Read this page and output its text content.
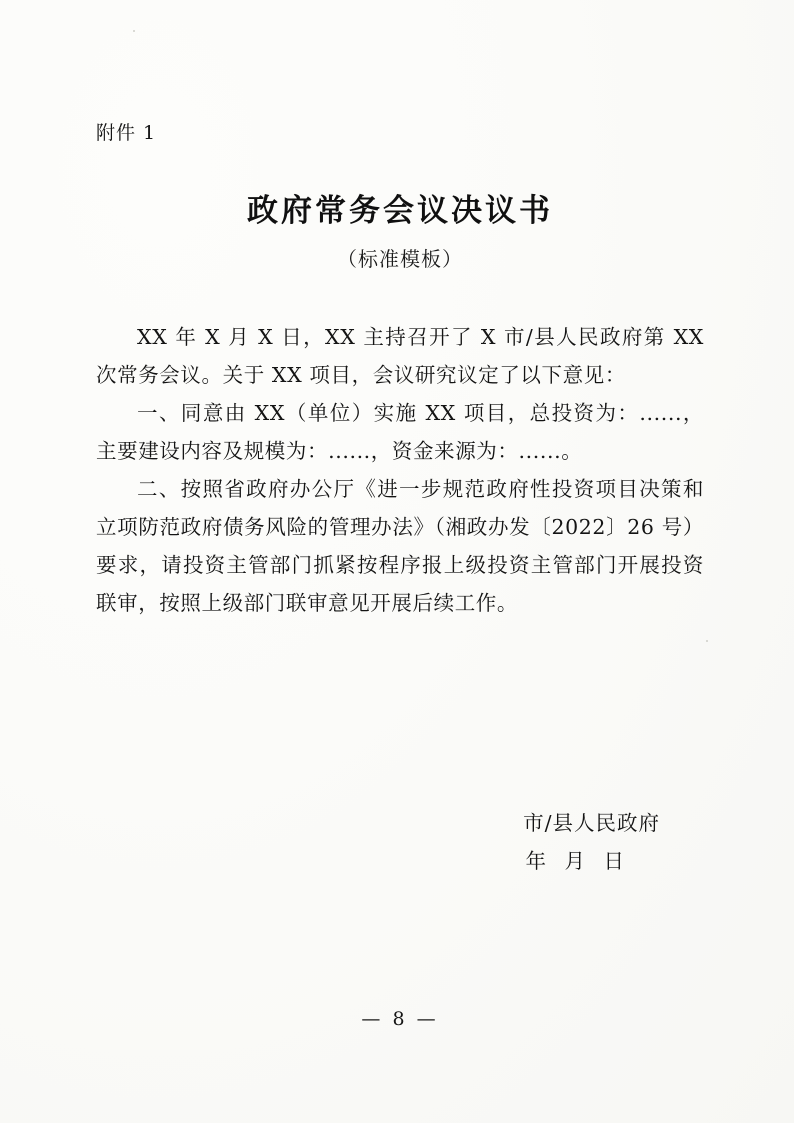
附件 1
政府常务会议决议书
（标准模板）

XX 年 X 月 X 日，XX 主持召开了 X 市/县人民政府第 XX 次常务会议。关于 XX 项目，会议研究议定了以下意见：

一、同意由 XX（单位）实施 XX 项目，总投资为：......，主要建设内容及规模为：......，资金来源为：......。

二、按照省政府办公厅《进一步规范政府性投资项目决策和立项防范政府债务风险的管理办法》（湘政办发〔2022〕26 号）要求，请投资主管部门抓紧按程序报上级投资主管部门开展投资联审，按照上级部门联审意见开展后续工作。

市/县人民政府
年 月 日
— 8 —
